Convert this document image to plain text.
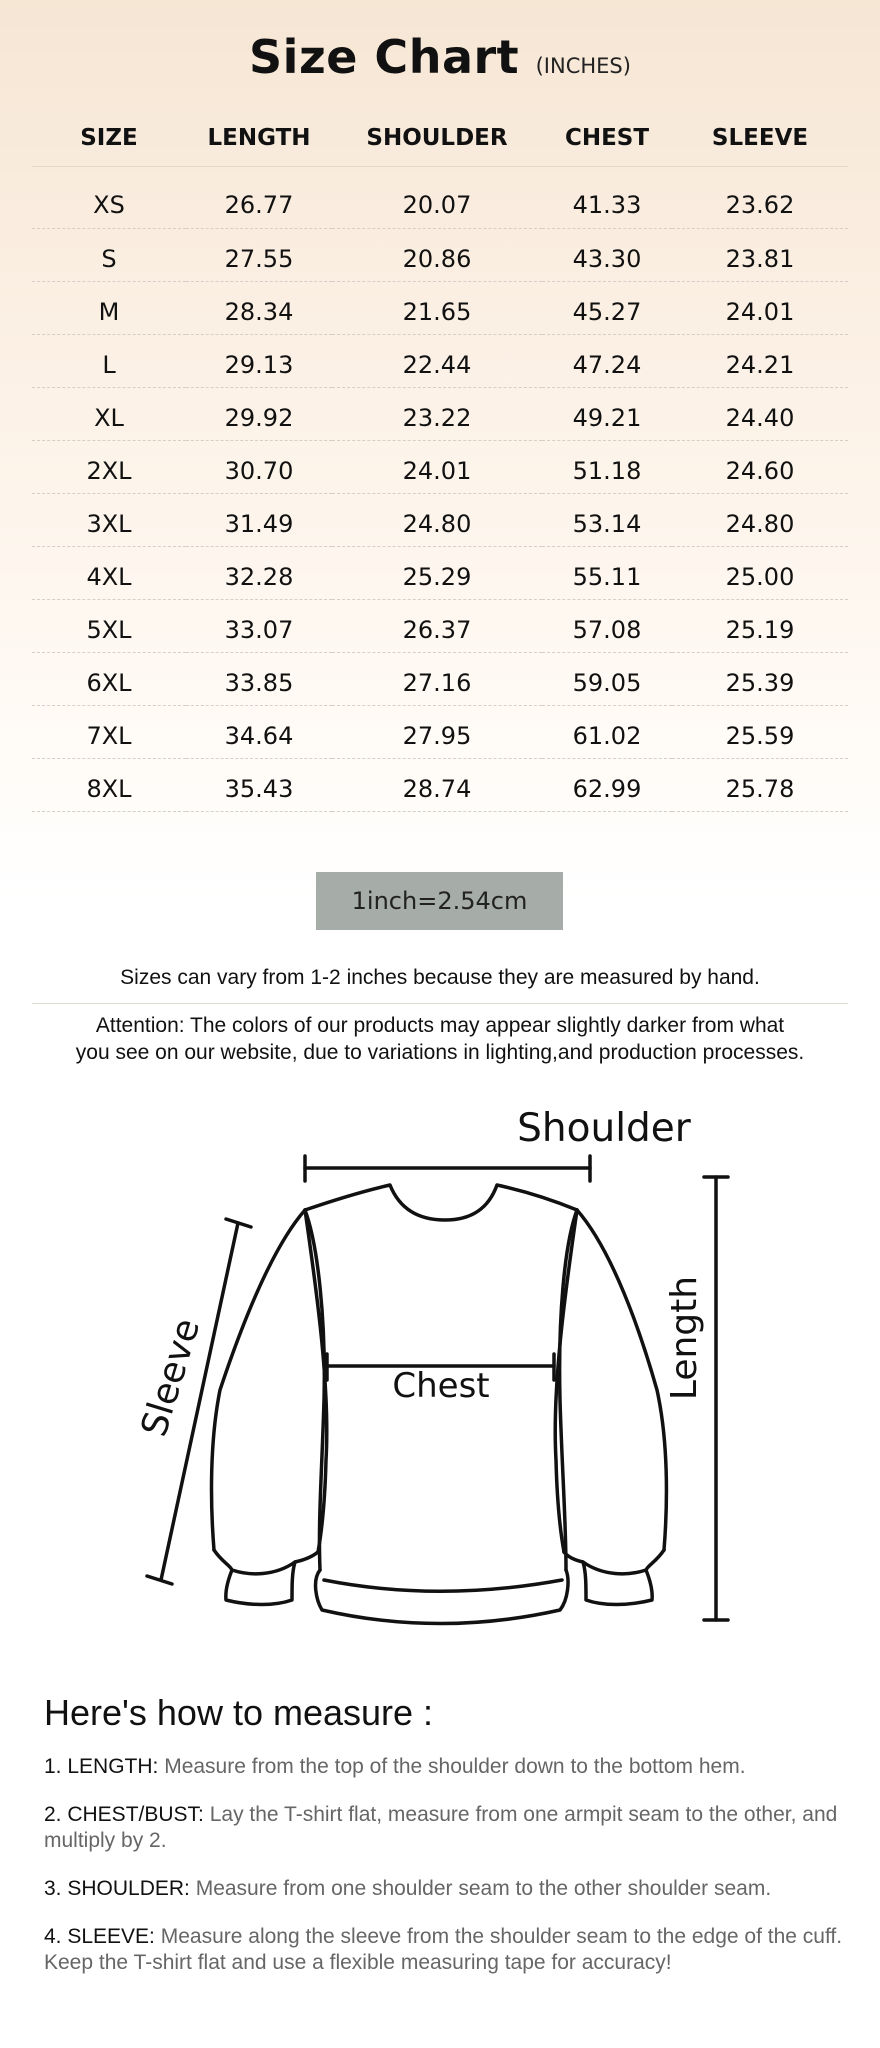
Size Chart (INCHES)
SIZE	LENGTH	SHOULDER	CHEST	SLEEVE
XS	26.77	20.07	41.33	23.62
S	27.55	20.86	43.30	23.81
M	28.34	21.65	45.27	24.01
L	29.13	22.44	47.24	24.21
XL	29.92	23.22	49.21	24.40
2XL	30.70	24.01	51.18	24.60
3XL	31.49	24.80	53.14	24.80
4XL	32.28	25.29	55.11	25.00
5XL	33.07	26.37	57.08	25.19
6XL	33.85	27.16	59.05	25.39
7XL	34.64	27.95	61.02	25.59
8XL	35.43	28.74	62.99	25.78
1inch=2.54cm
Sizes can vary from 1-2 inches because they are measured by hand.
Attention: The colors of our products may appear slightly darker from what
you see on our website, due to variations in lighting,and production processes.
Shoulder
Chest
Sleeve	Length
Here's how to measure :

1. LENGTH: Measure from the top of the shoulder down to the bottom hem.

2. CHEST/BUST: Lay the T-shirt flat, measure from one armpit seam to the other, and multiply by 2.

3. SHOULDER: Measure from one shoulder seam to the other shoulder seam.

4. SLEEVE: Measure along the sleeve from the shoulder seam to the edge of the cuff. Keep the T-shirt flat and use a flexible measuring tape for accuracy!
